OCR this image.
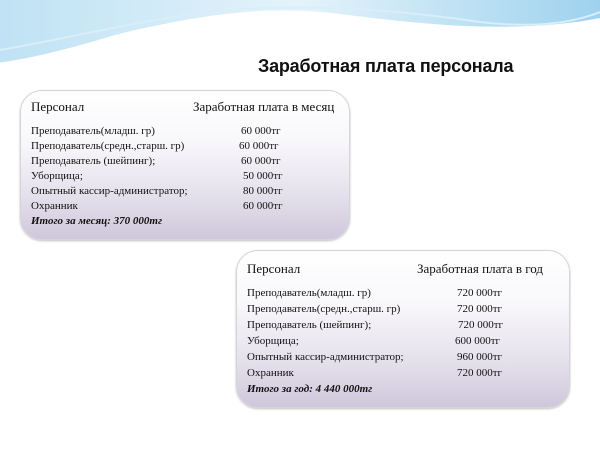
Заработная плата персонала
Персонал	Заработная плата в месяц
Преподаватель(младш. гр)	60 000тг
Преподаватель(средн.,старш. гр)	60 000тг
Преподаватель (шейпинг);	60 000тг
Уборщица;	50 000тг
Опытный кассир-администратор;	80 000тг
Охранник	60 000тг
Итого за месяц: 370 000тг
Персонал	Заработная плата в год
Преподаватель(младш. гр)	720 000тг
Преподаватель(средн.,старш. гр)	720 000тг
Преподаватель (шейпинг);	720 000тг
Уборщица;	600 000тг
Опытный кассир-администратор;	960 000тг
Охранник	720 000тг
Итого за год: 4 440 000тг
